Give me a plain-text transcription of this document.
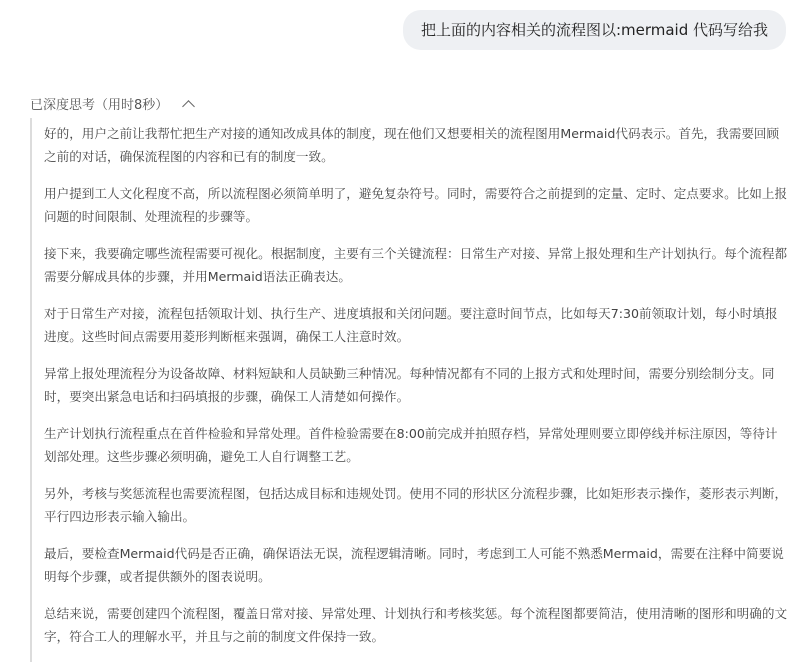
把上面的内容相关的流程图以:mermaid 代码写给我
已深度思考（用时8秒）

好的，用户之前让我帮忙把生产对接的通知改成具体的制度，现在他们又想要相关的流程图用Mermaid代码表示。首先，我需要回顾之前的对话，确保流程图的内容和已有的制度一致。

用户提到工人文化程度不高，所以流程图必须简单明了，避免复杂符号。同时，需要符合之前提到的定量、定时、定点要求。比如上报问题的时间限制、处理流程的步骤等。

接下来，我要确定哪些流程需要可视化。根据制度，主要有三个关键流程：日常生产对接、异常上报处理和生产计划执行。每个流程都需要分解成具体的步骤，并用Mermaid语法正确表达。

对于日常生产对接，流程包括领取计划、执行生产、进度填报和关闭问题。要注意时间节点，比如每天7:30前领取计划，每小时填报进度。这些时间点需要用菱形判断框来强调，确保工人注意时效。

异常上报处理流程分为设备故障、材料短缺和人员缺勤三种情况。每种情况都有不同的上报方式和处理时间，需要分别绘制分支。同时，要突出紧急电话和扫码填报的步骤，确保工人清楚如何操作。

生产计划执行流程重点在首件检验和异常处理。首件检验需要在8:00前完成并拍照存档，异常处理则要立即停线并标注原因，等待计划部处理。这些步骤必须明确，避免工人自行调整工艺。

另外，考核与奖惩流程也需要流程图，包括达成目标和违规处罚。使用不同的形状区分流程步骤，比如矩形表示操作，菱形表示判断，平行四边形表示输入输出。

最后，要检查Mermaid代码是否正确，确保语法无误，流程逻辑清晰。同时，考虑到工人可能不熟悉Mermaid，需要在注释中简要说明每个步骤，或者提供额外的图表说明。

总结来说，需要创建四个流程图，覆盖日常对接、异常处理、计划执行和考核奖惩。每个流程图都要简洁，使用清晰的图形和明确的文字，符合工人的理解水平，并且与之前的制度文件保持一致。
